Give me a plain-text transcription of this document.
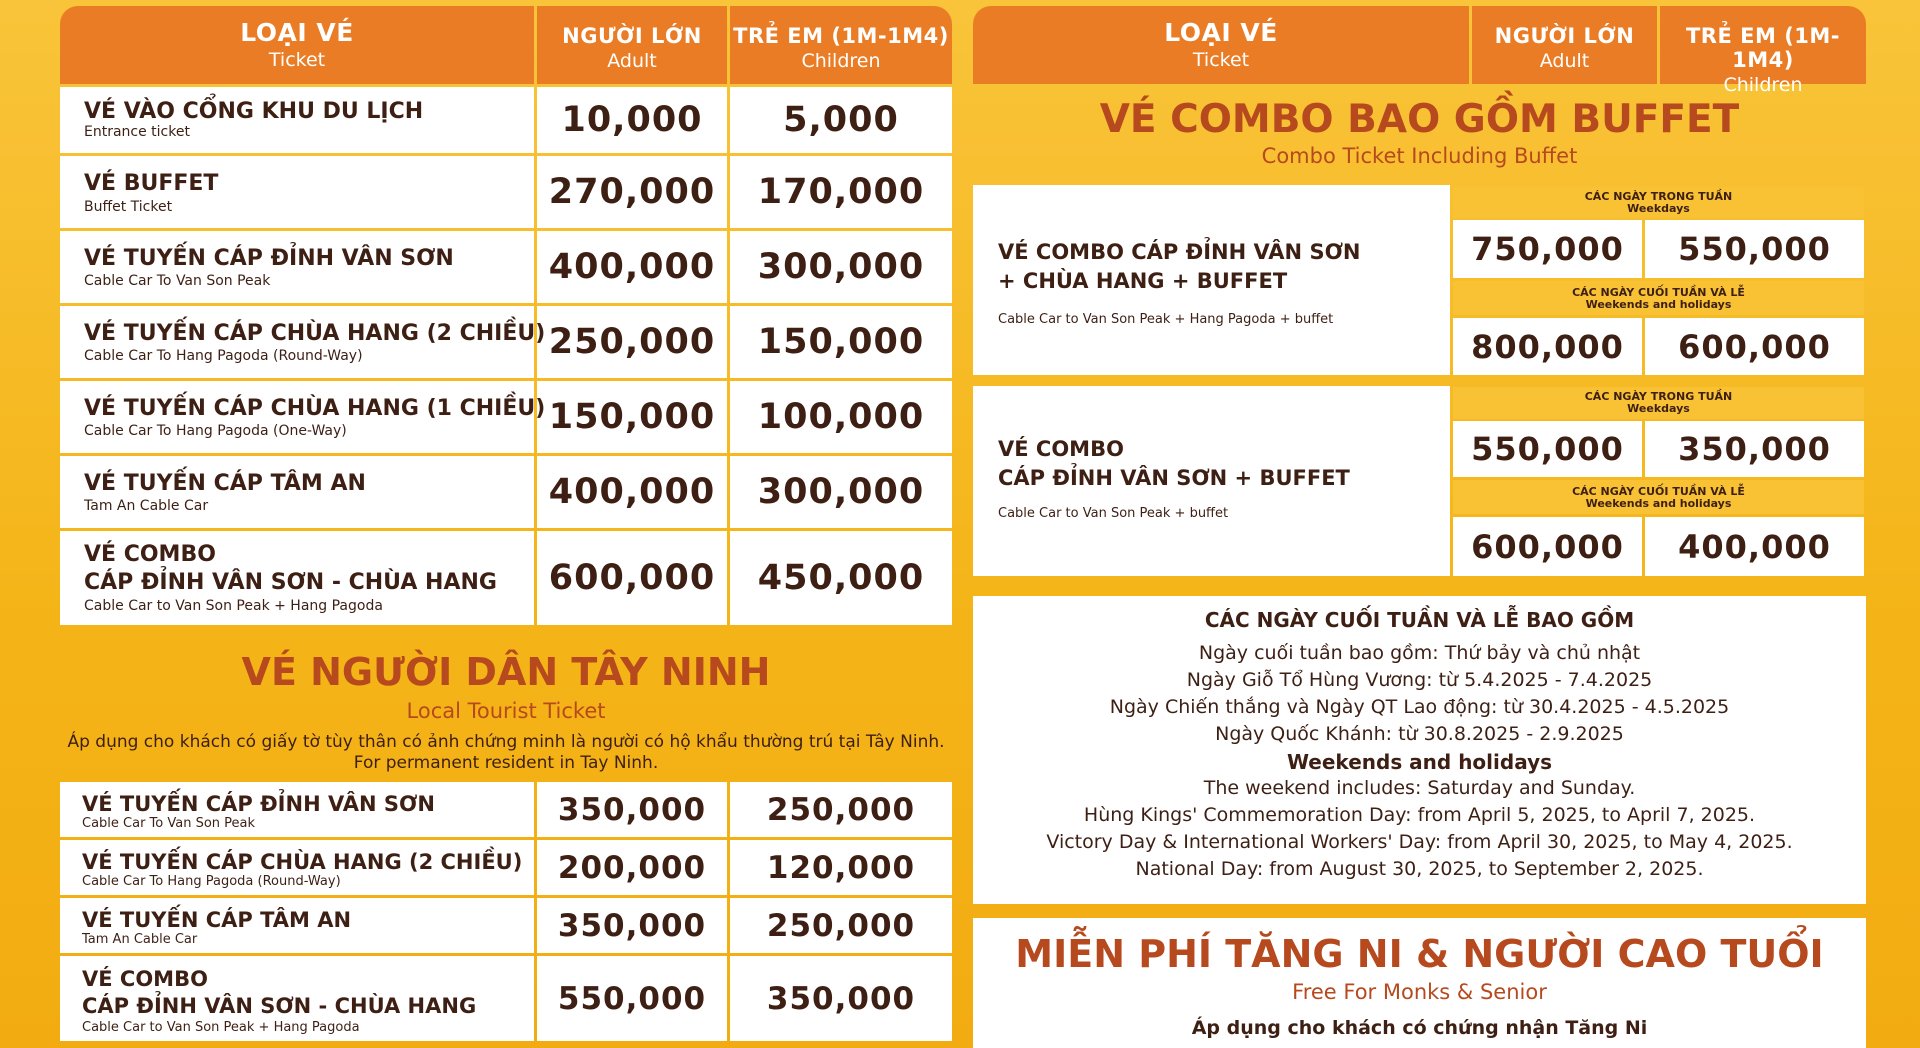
LOẠI VÉ
Ticket
NGƯỜI LỚN
Adult
TRẺ EM (1M-1M4)
Children
VÉ VÀO CỔNG KHU DU LỊCH
Entrance ticket	10,000	5,000
VÉ BUFFET
Buffet Ticket	270,000	170,000
VÉ TUYẾN CÁP ĐỈNH VÂN SƠN
Cable Car To Van Son Peak	400,000	300,000
VÉ TUYẾN CÁP CHÙA HANG (2 CHIỀU)
Cable Car To Hang Pagoda (Round-Way)	250,000	150,000
VÉ TUYẾN CÁP CHÙA HANG (1 CHIỀU)
Cable Car To Hang Pagoda (One-Way)	150,000	100,000
VÉ TUYẾN CÁP TÂM AN
Tam An Cable Car	400,000	300,000
VÉ COMBO
CÁP ĐỈNH VÂN SƠN - CHÙA HANG
Cable Car to Van Son Peak + Hang Pagoda
600,000	450,000
VÉ NGƯỜI DÂN TÂY NINH
Local Tourist Ticket
Áp dụng cho khách có giấy tờ tùy thân có ảnh chứng minh là người có hộ khẩu thường trú tại Tây Ninh.
For permanent resident in Tay Ninh.
VÉ TUYẾN CÁP ĐỈNH VÂN SƠN
Cable Car To Van Son Peak	350,000	250,000
VÉ TUYẾN CÁP CHÙA HANG (2 CHIỀU)
Cable Car To Hang Pagoda (Round-Way)	200,000	120,000
VÉ TUYẾN CÁP TÂM AN
Tam An Cable Car	350,000	250,000
VÉ COMBO
CÁP ĐỈNH VÂN SƠN - CHÙA HANG
Cable Car to Van Son Peak + Hang Pagoda
550,000	350,000
LOẠI VÉ
Ticket
NGƯỜI LỚN
Adult
TRẺ EM (1M-1M4)
Children
VÉ COMBO BAO GỒM BUFFET
Combo Ticket Including Buffet
VÉ COMBO CÁP ĐỈNH VÂN SƠN
+ CHÙA HANG + BUFFET
Cable Car to Van Son Peak + Hang Pagoda + buffet
CÁC NGÀY TRONG TUẦN
Weekdays
750,000	550,000
CÁC NGÀY CUỐI TUẦN VÀ LỄ
Weekends and holidays
800,000	600,000
VÉ COMBO
CÁP ĐỈNH VÂN SƠN + BUFFET
Cable Car to Van Son Peak + buffet
CÁC NGÀY TRONG TUẦN
Weekdays
550,000	350,000
CÁC NGÀY CUỐI TUẦN VÀ LỄ
Weekends and holidays
600,000	400,000
CÁC NGÀY CUỐI TUẦN VÀ LỄ BAO GỒM
Ngày cuối tuần bao gồm: Thứ bảy và chủ nhật
Ngày Giỗ Tổ Hùng Vương: từ 5.4.2025 - 7.4.2025
Ngày Chiến thắng và Ngày QT Lao động: từ 30.4.2025 - 4.5.2025
Ngày Quốc Khánh: từ 30.8.2025 - 2.9.2025
Weekends and holidays
The weekend includes: Saturday and Sunday.
Hùng Kings' Commemoration Day: from April 5, 2025, to April 7, 2025.
Victory Day & International Workers' Day: from April 30, 2025, to May 4, 2025.
National Day: from August 30, 2025, to September 2, 2025.
MIỄN PHÍ TĂNG NI & NGƯỜI CAO TUỔI
Free For Monks & Senior
Áp dụng cho khách có chứng nhận Tăng Ni
